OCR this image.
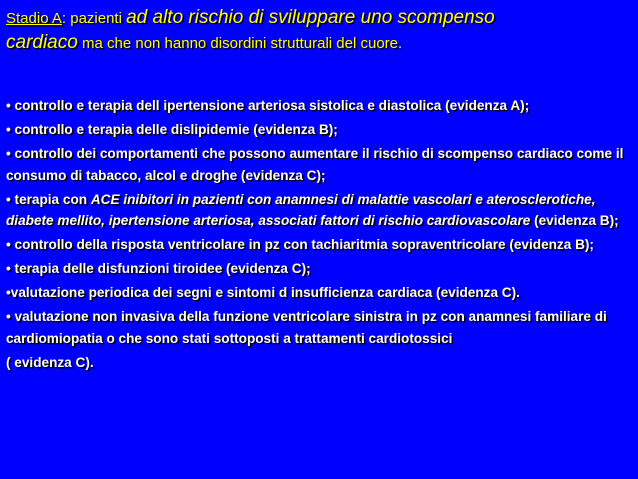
Stadio A: pazienti ad alto rischio di sviluppare uno scompenso
cardiaco ma che non hanno disordini strutturali del cuore.
• controllo e terapia dell ipertensione arteriosa sistolica e diastolica (evidenza A);
• controllo e terapia delle dislipidemie (evidenza B);
• controllo dei comportamenti che possono aumentare il rischio di scompenso cardiaco come il consumo di tabacco, alcol e droghe (evidenza C);
• terapia con ACE inibitori in pazienti con anamnesi di malattie vascolari e aterosclerotiche, diabete mellito, ipertensione arteriosa, associati fattori di rischio cardiovascolare (evidenza B);
• controllo della risposta ventricolare in pz con tachiaritmia sopraventricolare (evidenza B);
• terapia delle disfunzioni tiroidee (evidenza C);
•valutazione periodica dei segni e sintomi d insufficienza cardiaca (evidenza C).
• valutazione non invasiva della funzione ventricolare sinistra in pz con anamnesi familiare di cardiomiopatia o che sono stati sottoposti a trattamenti cardiotossici
( evidenza C).
